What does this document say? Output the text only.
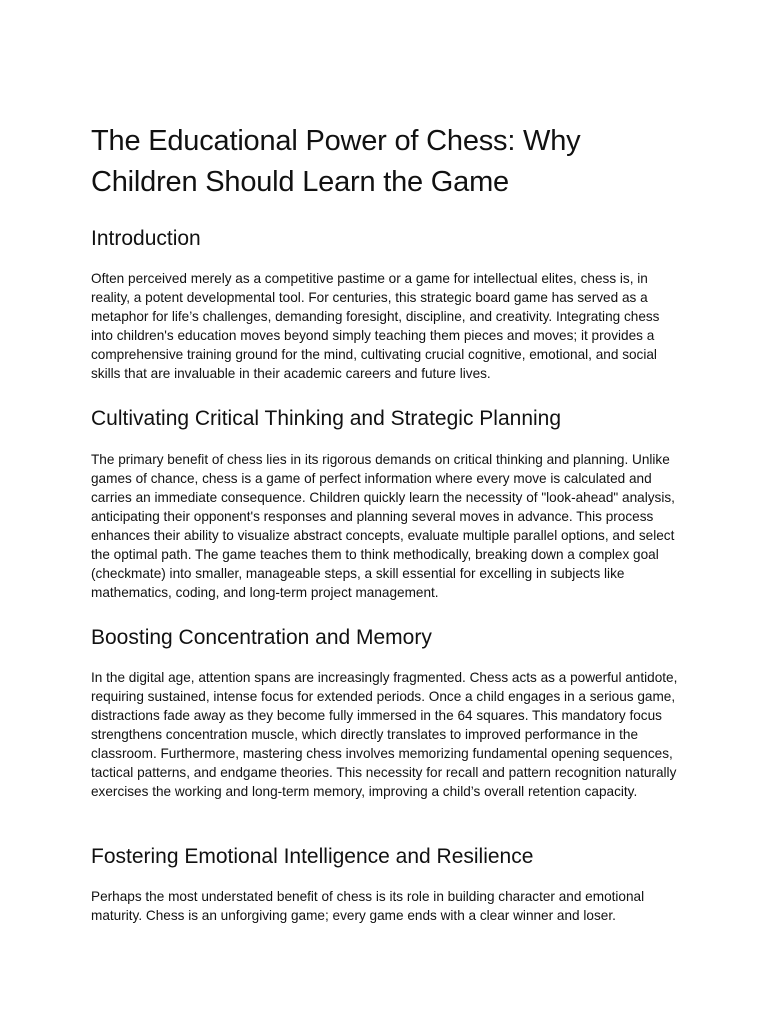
The Educational Power of Chess: Why Children Should Learn the Game
Introduction

Often perceived merely as a competitive pastime or a game for intellectual elites, chess is, in reality, a potent developmental tool. For centuries, this strategic board game has served as a metaphor for life’s challenges, demanding foresight, discipline, and creativity. Integrating chess into children's education moves beyond simply teaching them pieces and moves; it provides a comprehensive training ground for the mind, cultivating crucial cognitive, emotional, and social skills that are invaluable in their academic careers and future lives.

Cultivating Critical Thinking and Strategic Planning

The primary benefit of chess lies in its rigorous demands on critical thinking and planning. Unlike games of chance, chess is a game of perfect information where every move is calculated and carries an immediate consequence. Children quickly learn the necessity of "look-ahead" analysis, anticipating their opponent's responses and planning several moves in advance. This process enhances their ability to visualize abstract concepts, evaluate multiple parallel options, and select the optimal path. The game teaches them to think methodically, breaking down a complex goal (checkmate) into smaller, manageable steps, a skill essential for excelling in subjects like mathematics, coding, and long-term project management.

Boosting Concentration and Memory

In the digital age, attention spans are increasingly fragmented. Chess acts as a powerful antidote, requiring sustained, intense focus for extended periods. Once a child engages in a serious game, distractions fade away as they become fully immersed in the 64 squares. This mandatory focus strengthens concentration muscle, which directly translates to improved performance in the classroom. Furthermore, mastering chess involves memorizing fundamental opening sequences, tactical patterns, and endgame theories. This necessity for recall and pattern recognition naturally exercises the working and long-term memory, improving a child’s overall retention capacity.

Fostering Emotional Intelligence and Resilience

Perhaps the most understated benefit of chess is its role in building character and emotional maturity. Chess is an unforgiving game; every game ends with a clear winner and loser.
